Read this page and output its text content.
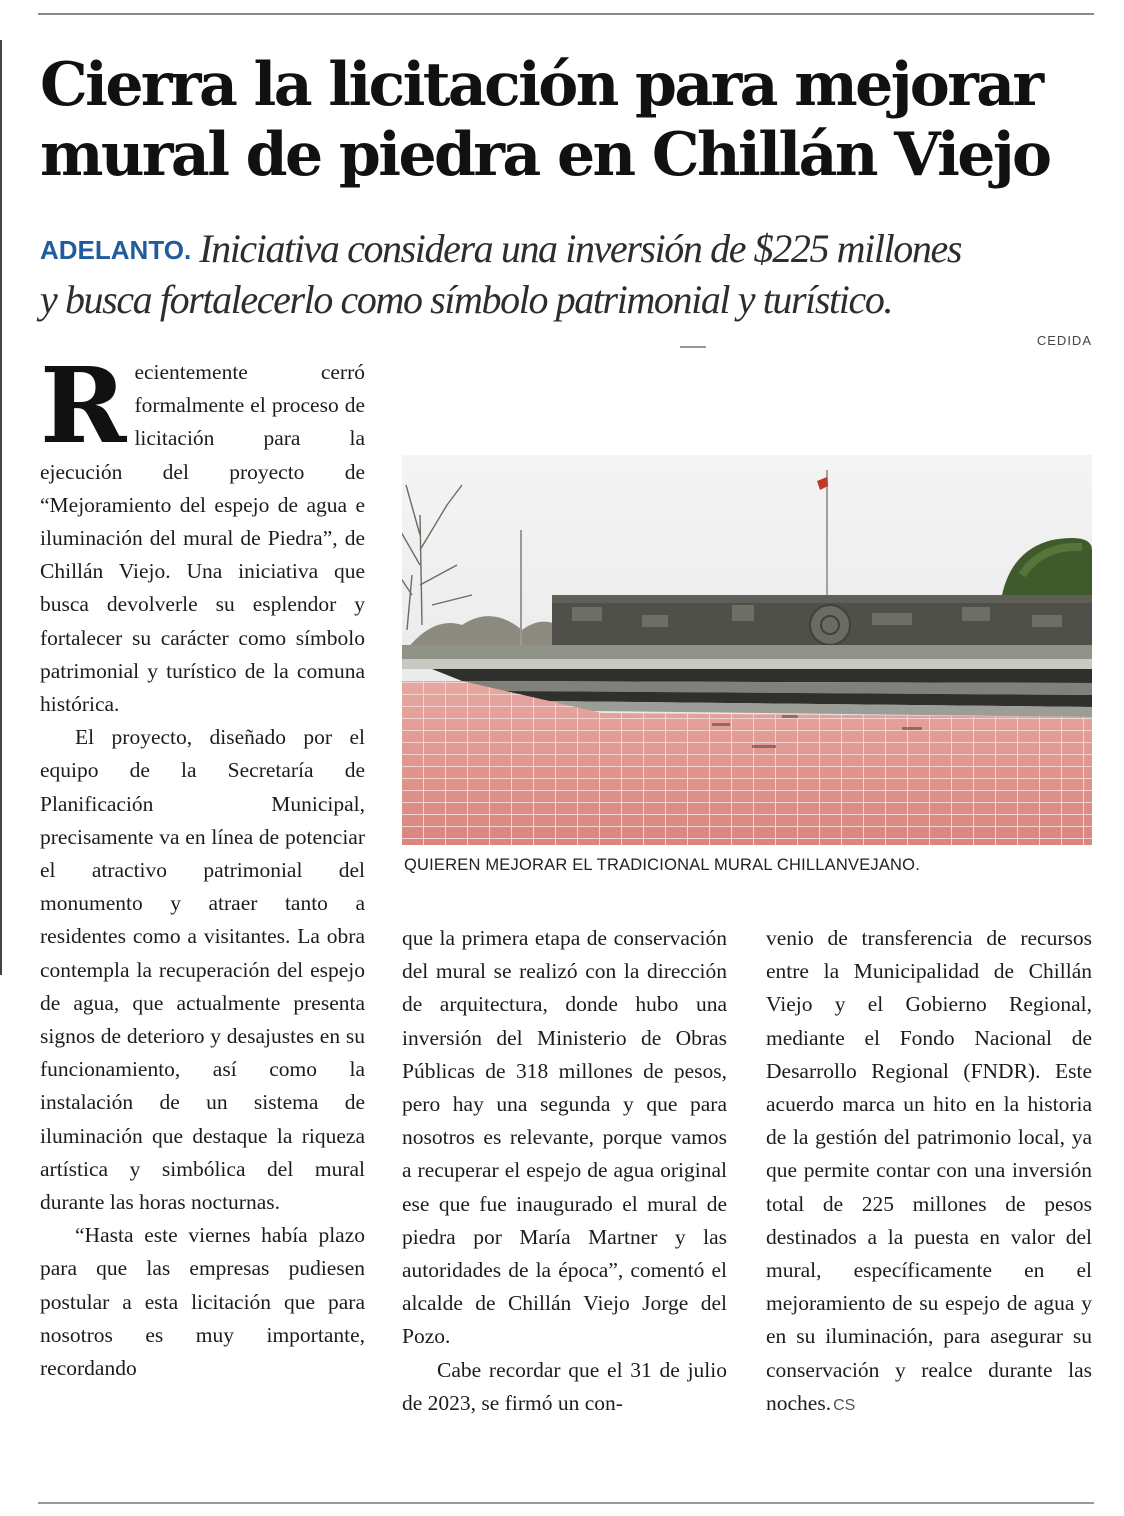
Cierra la licitación para mejorar
mural de piedra en Chillán Viejo
ADELANTO. Iniciativa considera una inversión de $225 millones
y busca fortalecerlo como símbolo patrimonial y turístico.
CEDIDA

Recientemente cerró formalmente el proceso de licitación para la ejecución del proyecto de “Mejoramiento del espejo de agua e iluminación del mural de Piedra”, de Chillán Viejo. Una iniciativa que busca devolverle su esplendor y fortalecer su carácter como símbolo patrimonial y turístico de la comuna histórica.

El proyecto, diseñado por el equipo de la Secretaría de Planificación Municipal, precisamente va en línea de potenciar el atractivo patrimonial del monumento y atraer tanto a residentes como a visitantes. La obra contempla la recuperación del espejo de agua, que actualmente presenta signos de deterioro y desajustes en su funcionamiento, así como la instalación de un sistema de iluminación que destaque la riqueza artística y simbólica del mural durante las horas nocturnas.

“Hasta este viernes había plazo para que las empresas pudiesen postular a esta licitación que para nosotros es muy importante, recordando

QUIEREN MEJORAR EL TRADICIONAL MURAL CHILLANVEJANO.

que la primera etapa de conservación del mural se realizó con la dirección de arquitectura, donde hubo una inversión del Ministerio de Obras Públicas de 318 millones de pesos, pero hay una segunda y que para nosotros es relevante, porque vamos a recuperar el espejo de agua original ese que fue inaugurado el mural de piedra por María Martner y las autoridades de la época”, comentó el alcalde de Chillán Viejo Jorge del Pozo.

Cabe recordar que el 31 de julio de 2023, se firmó un con-

venio de transferencia de recursos entre la Municipalidad de Chillán Viejo y el Gobierno Regional, mediante el Fondo Nacional de Desarrollo Regional (FNDR). Este acuerdo marca un hito en la historia de la gestión del patrimonio local, ya que permite contar con una inversión total de 225 millones de pesos destinados a la puesta en valor del mural, específicamente en el mejoramiento de su espejo de agua y en su iluminación, para asegurar su conservación y realce durante las noches. CS
